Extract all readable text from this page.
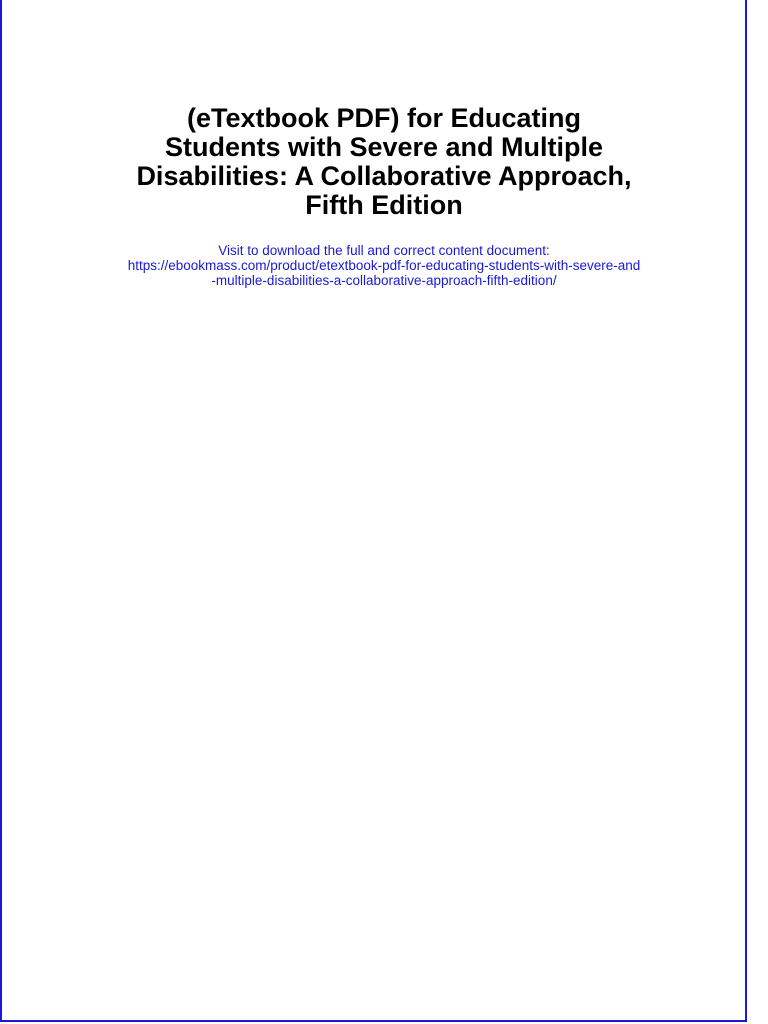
(eTextbook PDF) for Educating
Students with Severe and Multiple
Disabilities: A Collaborative Approach,
Fifth Edition
Visit to download the full and correct content document:
https://ebookmass.com/product/etextbook-pdf-for-educating-students-with-severe-and
-multiple-disabilities-a-collaborative-approach-fifth-edition/
